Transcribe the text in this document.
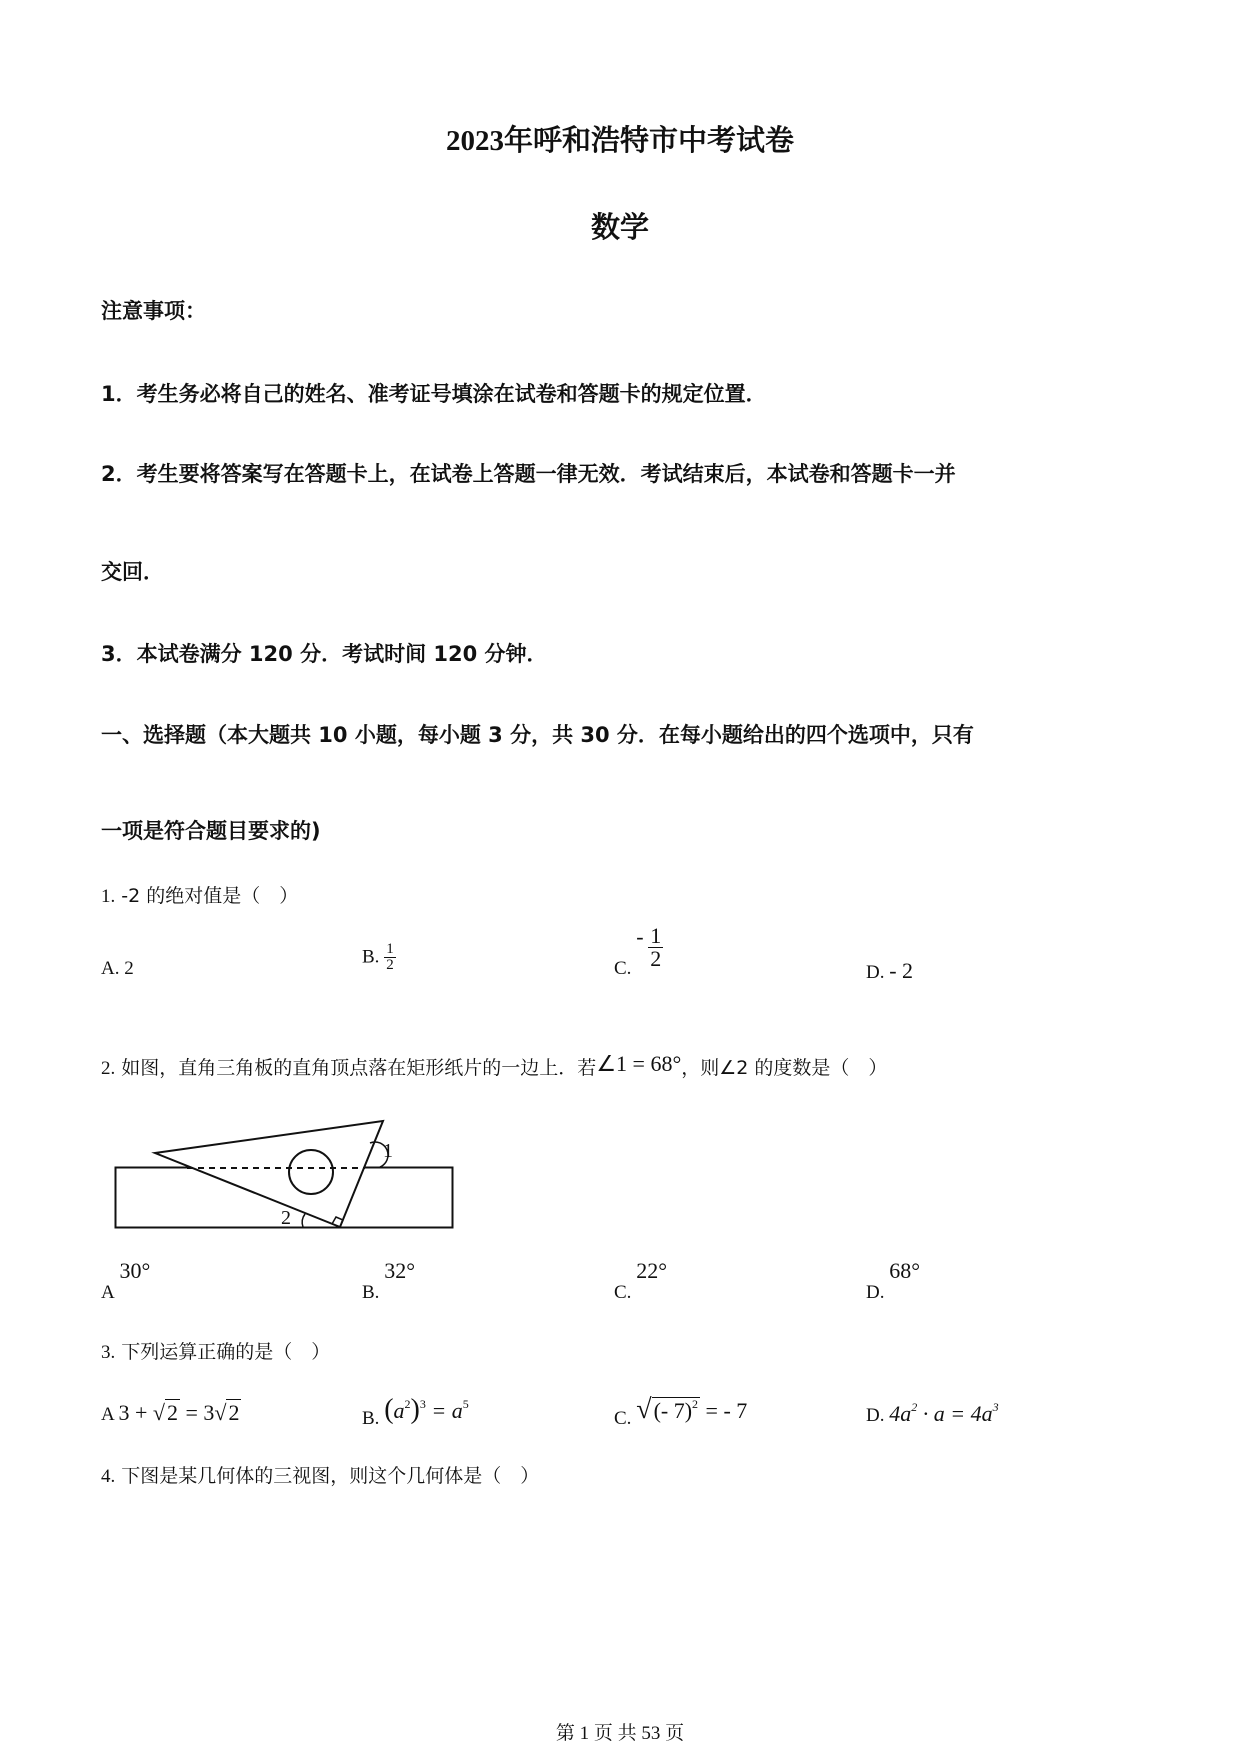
2023年呼和浩特市中考试卷
数学
注意事项：
1．考生务必将自己的姓名、准考证号填涂在试卷和答题卡的规定位置．
2．考生要将答案写在答题卡上，在试卷上答题一律无效．考试结束后，本试卷和答题卡一并
交回．
3．本试卷满分 120 分．考试时间 120 分钟．
一、选择题（本大题共 10 小题，每小题 3 分，共 30 分．在每小题给出的四个选项中，只有
一项是符合题目要求的)
1. -2 的绝对值是（　）
A. 2
B. $\frac{1}{2}$	C. - $\frac{1}{2}$
D. - 2
2. 如图，直角三角板的直角顶点落在矩形纸片的一边上．若∠1 = 68°，则∠2 的度数是（　）
1
2
A 30°
B. 32°
C. 22°
D. 68°
3. 下列运算正确的是（　）
A 3 + √2 = 3√2	B. $(a^2)^3 = a^5$
C. √(- 7)$^2$ = - 7	D. $4a^2 \cdot a = 4a^3$
4. 下图是某几何体的三视图，则这个几何体是（　）
第 1 页 共 53 页
